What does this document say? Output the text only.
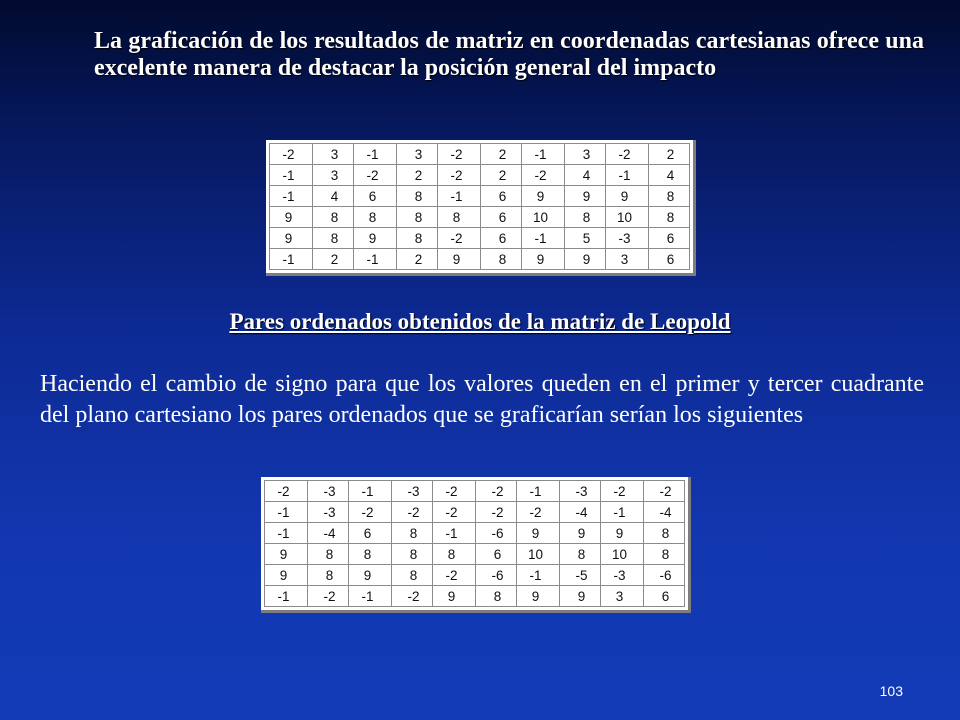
La graficación de los resultados de matriz en coordenadas cartesianas ofrece una excelente manera de destacar la posición general del impacto
-2	3	-1	3	-2	2	-1	3	-2	2
-1	3	-2	2	-2	2	-2	4	-1	4
-1	4	6	8	-1	6	9	9	9	8
9	8	8	8	8	6	10	8	10	8
9	8	9	8	-2	6	-1	5	-3	6
-1	2	-1	2	9	8	9	9	3	6
Pares ordenados obtenidos de la matriz de Leopold
Haciendo el cambio de signo para que los valores queden en el primer y tercer cuadrante del plano cartesiano los pares ordenados que se graficarían serían los siguientes
-2	-3	-1	-3	-2	-2	-1	-3	-2	-2
-1	-3	-2	-2	-2	-2	-2	-4	-1	-4
-1	-4	6	8	-1	-6	9	9	9	8
9	8	8	8	8	6	10	8	10	8
9	8	9	8	-2	-6	-1	-5	-3	-6
-1	-2	-1	-2	9	8	9	9	3	6
103
